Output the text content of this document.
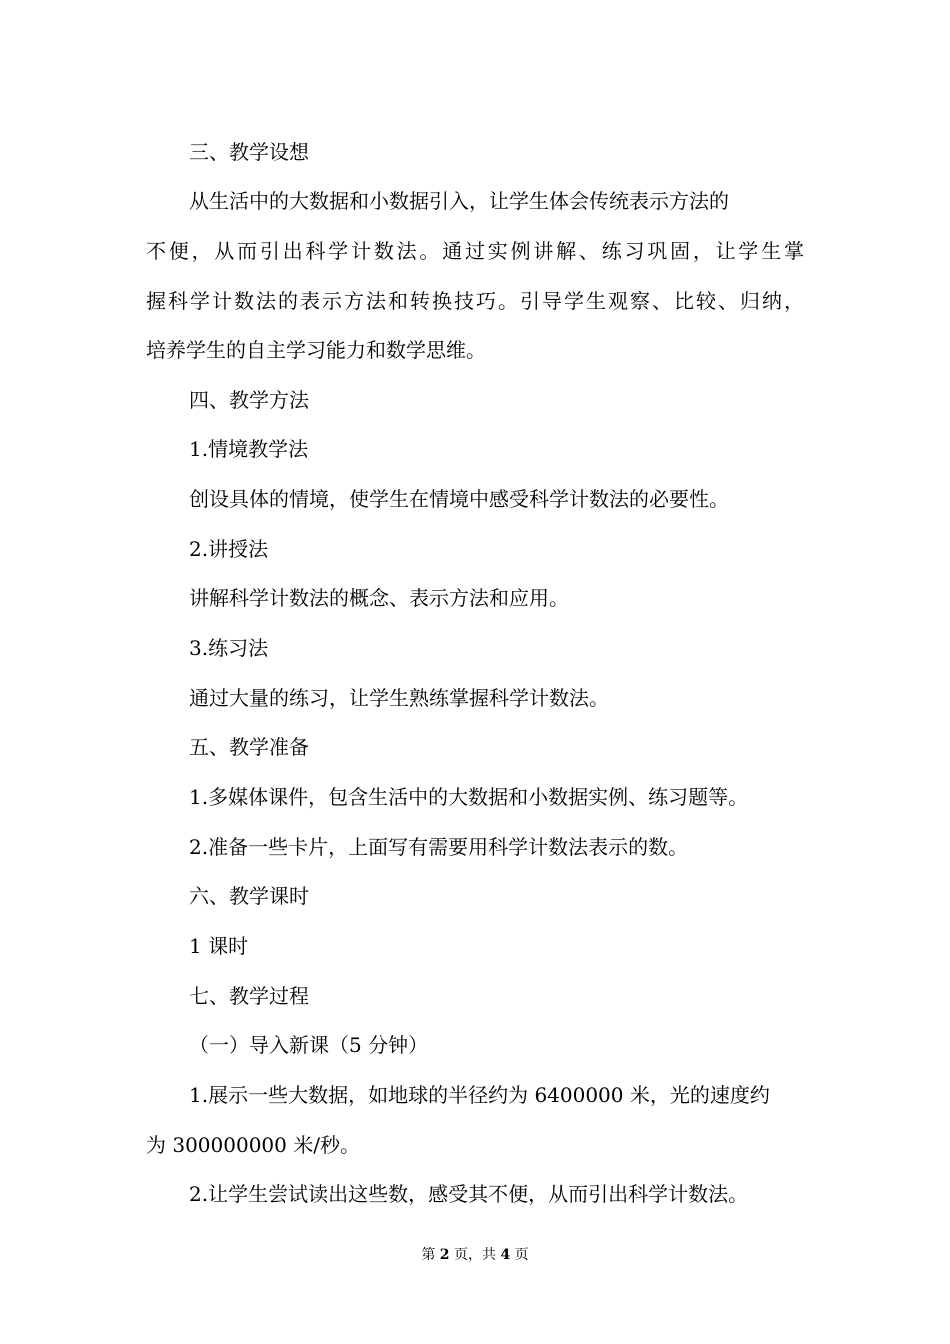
三、教学设想
从生活中的大数据和小数据引入，让学生体会传统表示方法的
不便，从而引出科学计数法。通过实例讲解、练习巩固，让学生掌
握科学计数法的表示方法和转换技巧。引导学生观察、比较、归纳，
培养学生的自主学习能力和数学思维。
四、教学方法
1.情境教学法
创设具体的情境，使学生在情境中感受科学计数法的必要性。
2.讲授法
讲解科学计数法的概念、表示方法和应用。
3.练习法
通过大量的练习，让学生熟练掌握科学计数法。
五、教学准备
1.多媒体课件，包含生活中的大数据和小数据实例、练习题等。
2.准备一些卡片，上面写有需要用科学计数法表示的数。
六、教学课时
1 课时
七、教学过程
（一）导入新课（5 分钟）
1.展示一些大数据，如地球的半径约为 6400000 米，光的速度约
为 300000000 米/秒。
2.让学生尝试读出这些数，感受其不便，从而引出科学计数法。
第 2 页，共 4 页
